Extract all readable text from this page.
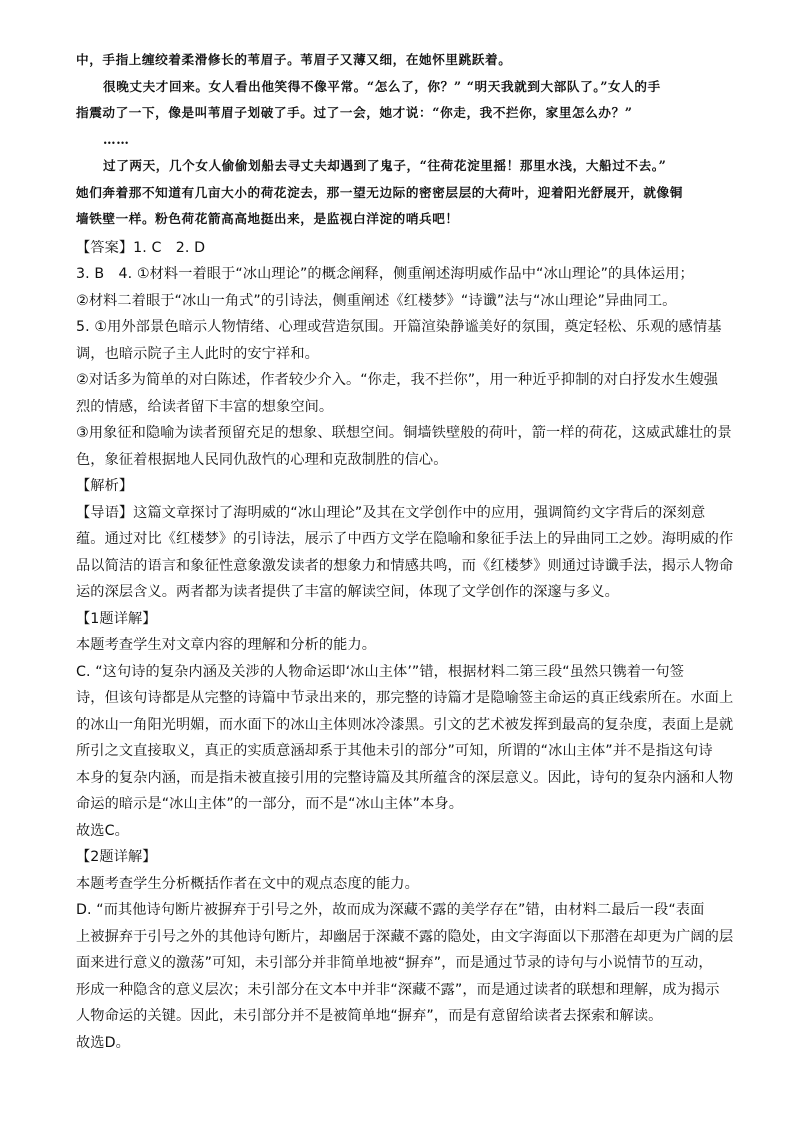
中，手指上缠绞着柔滑修长的苇眉子。苇眉子又薄又细，在她怀里跳跃着。

很晚丈夫才回来。女人看出他笑得不像平常。“怎么了，你？” “明天我就到大部队了。”女人的手

指震动了一下，像是叫苇眉子划破了手。过了一会，她才说：“你走，我不拦你，家里怎么办？”

……

过了两天，几个女人偷偷划船去寻丈夫却遇到了鬼子，“往荷花淀里摇！那里水浅，大船过不去。”

她们奔着那不知道有几亩大小的荷花淀去，那一望无边际的密密层层的大荷叶，迎着阳光舒展开，就像铜

墙铁壁一样。粉色荷花箭高高地挺出来，是监视白洋淀的哨兵吧！

【答案】1. C　2. D

3. B　4. ①材料一着眼于“冰山理论”的概念阐释，侧重阐述海明威作品中“冰山理论”的具体运用；

②材料二着眼于“冰山一角式”的引诗法，侧重阐述《红楼梦》“诗谶”法与“冰山理论”异曲同工。

5. ①用外部景色暗示人物情绪、心理或营造氛围。开篇渲染静谧美好的氛围，奠定轻松、乐观的感情基

调，也暗示院子主人此时的安宁祥和。

②对话多为简单的对白陈述，作者较少介入。“你走，我不拦你”，用一种近乎抑制的对白抒发水生嫂强

烈的情感，给读者留下丰富的想象空间。

③用象征和隐喻为读者预留充足的想象、联想空间。铜墙铁壁般的荷叶，箭一样的荷花，这威武雄壮的景

色，象征着根据地人民同仇敌忾的心理和克敌制胜的信心。

【解析】

【导语】这篇文章探讨了海明威的“冰山理论”及其在文学创作中的应用，强调简约文字背后的深刻意

蕴。通过对比《红楼梦》的引诗法，展示了中西方文学在隐喻和象征手法上的异曲同工之妙。海明威的作

品以简洁的语言和象征性意象激发读者的想象力和情感共鸣，而《红楼梦》则通过诗谶手法，揭示人物命

运的深层含义。两者都为读者提供了丰富的解读空间，体现了文学创作的深邃与多义。

【1题详解】

本题考查学生对文章内容的理解和分析的能力。

C. “这句诗的复杂内涵及关涉的人物命运即‘冰山主体’”错，根据材料二第三段“虽然只镌着一句签

诗，但该句诗都是从完整的诗篇中节录出来的，那完整的诗篇才是隐喻签主命运的真正线索所在。水面上

的冰山一角阳光明媚，而水面下的冰山主体则冰冷漆黑。引文的艺术被发挥到最高的复杂度，表面上是就

所引之文直接取义，真正的实质意涵却系于其他未引的部分”可知，所谓的“冰山主体”并不是指这句诗

本身的复杂内涵，而是指未被直接引用的完整诗篇及其所蕴含的深层意义。因此，诗句的复杂内涵和人物

命运的暗示是“冰山主体”的一部分，而不是“冰山主体”本身。

故选C。

【2题详解】

本题考查学生分析概括作者在文中的观点态度的能力。

D. “而其他诗句断片被摒弃于引号之外，故而成为深藏不露的美学存在”错，由材料二最后一段“表面

上被摒弃于引号之外的其他诗句断片，却幽居于深藏不露的隐处，由文字海面以下那潜在却更为广阔的层

面来进行意义的激荡”可知，未引部分并非简单地被“摒弃”，而是通过节录的诗句与小说情节的互动，

形成一种隐含的意义层次；未引部分在文本中并非“深藏不露”，而是通过读者的联想和理解，成为揭示

人物命运的关键。因此，未引部分并不是被简单地“摒弃”，而是有意留给读者去探索和解读。

故选D。
